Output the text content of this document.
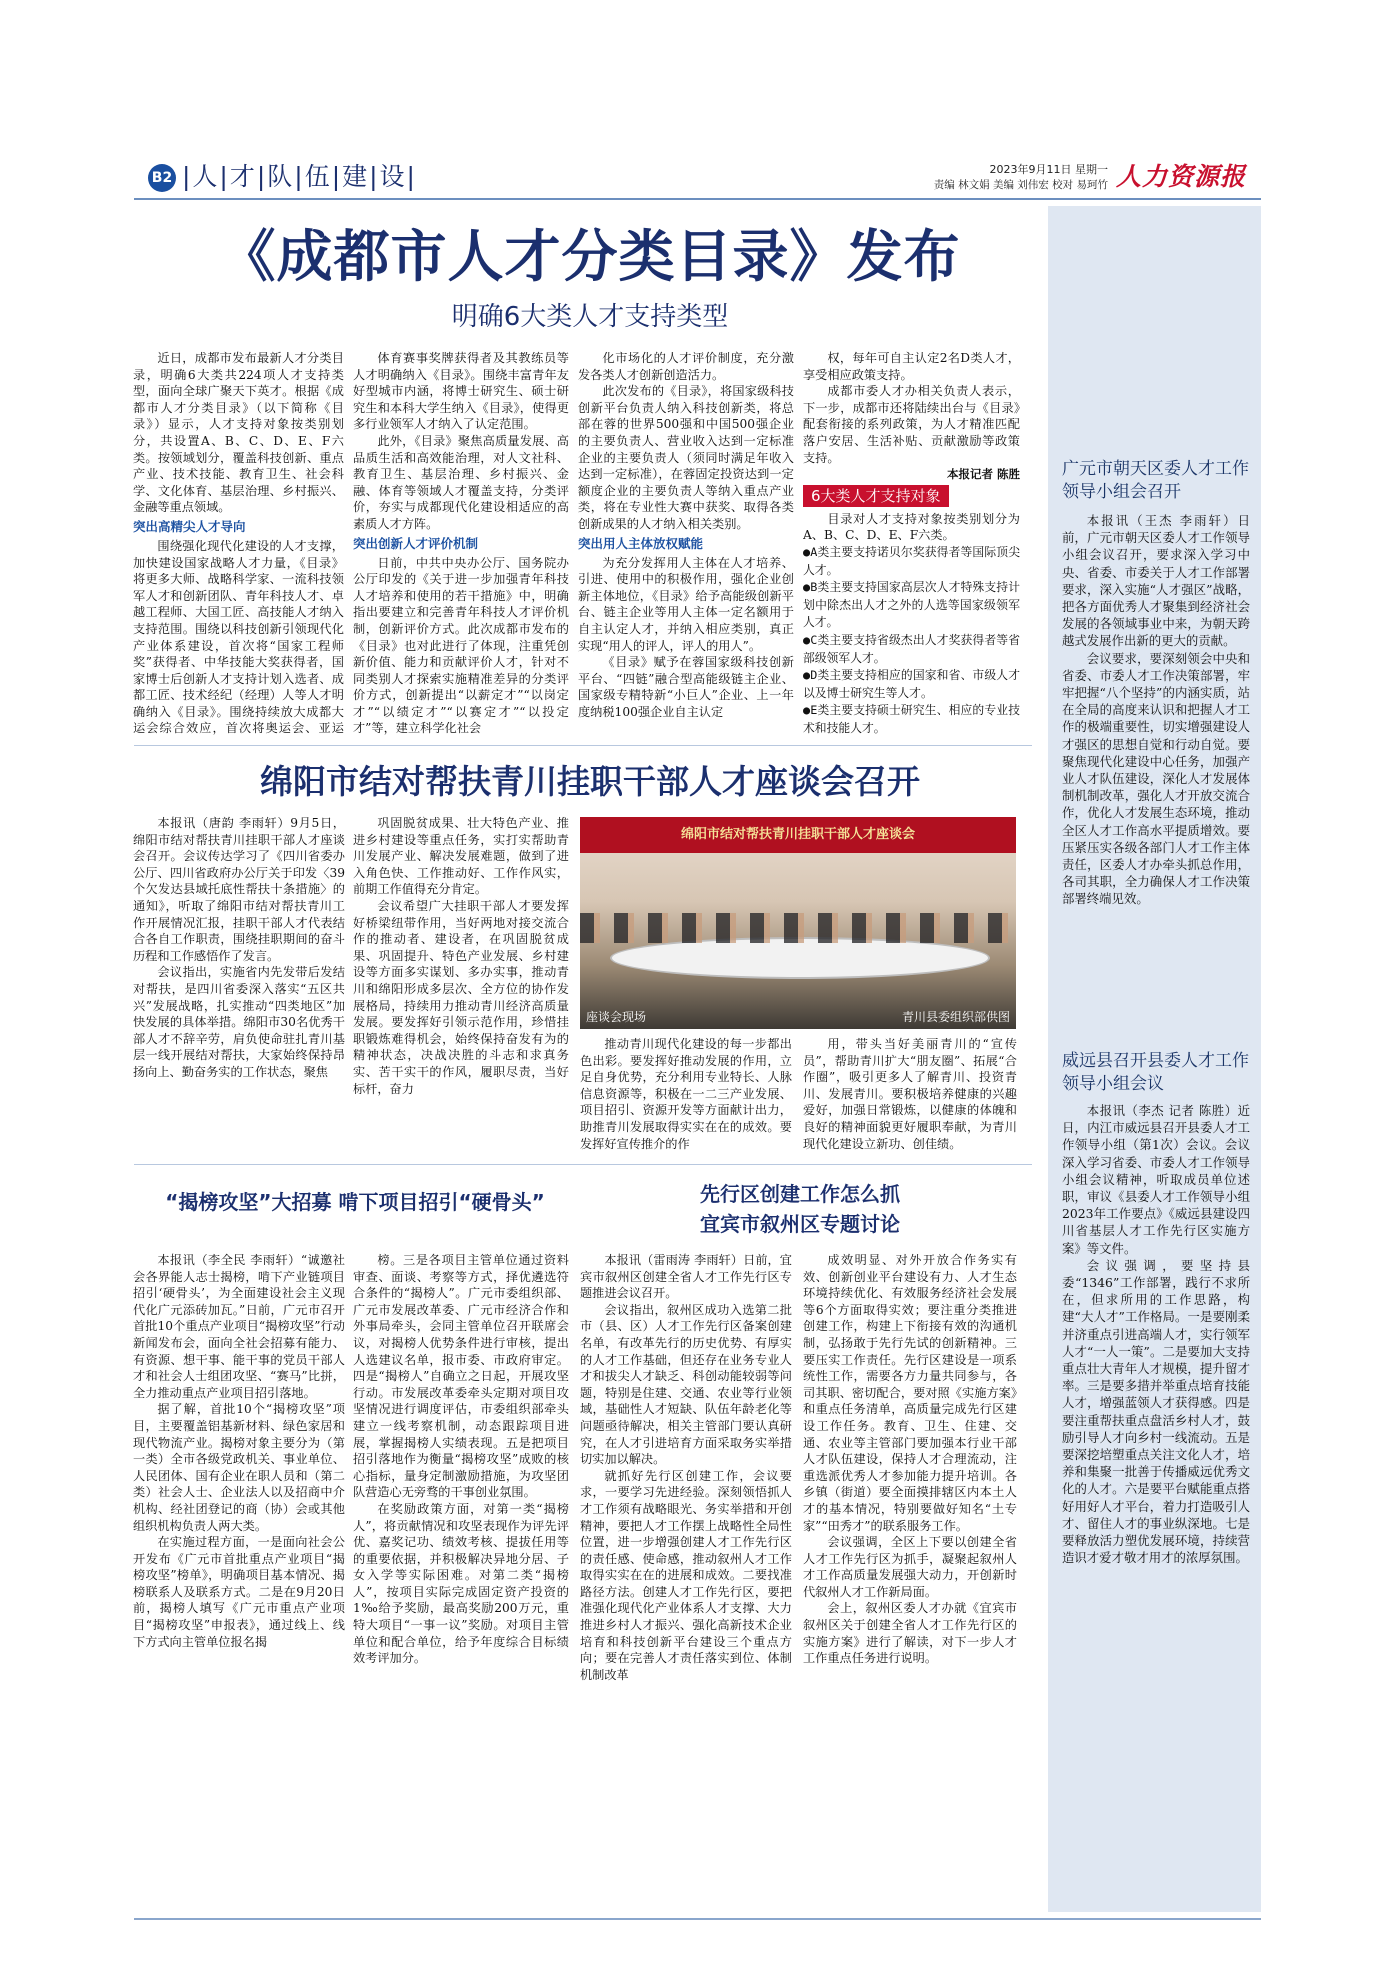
B2 |人|才|队|伍|建|设|	2023年9月11日 星期一
责编 林文娟 美编 刘伟宏 校对 易珂竹 人力资源报
《成都市人才分类目录》发布
明确6大类人才支持类型

近日，成都市发布最新人才分类目录，明确6大类共224项人才支持类型，面向全球广聚天下英才。根据《成都市人才分类目录》（以下简称《目录》）显示，人才支持对象按类别划分，共设置A、B、C、D、E、F六类。按领域划分，覆盖科技创新、重点产业、技术技能、教育卫生、社会科学、文化体育、基层治理、乡村振兴、金融等重点领域。

突出高精尖人才导向

围绕强化现代化建设的人才支撑，加快建设国家战略人才力量，《目录》将更多大师、战略科学家、一流科技领军人才和创新团队、青年科技人才、卓越工程师、大国工匠、高技能人才纳入支持范围。围绕以科技创新引领现代化产业体系建设，首次将“国家工程师奖”获得者、中华技能大奖获得者，国家博士后创新人才支持计划入选者、成都工匠、技术经纪（经理）人等人才明确纳入《目录》。围绕持续放大成都大运会综合效应，首次将奥运会、亚运

体育赛事奖牌获得者及其教练员等人才明确纳入《目录》。围绕丰富青年友好型城市内涵，将博士研究生、硕士研究生和本科大学生纳入《目录》，使得更多行业领军人才纳入了认定范围。

此外，《目录》聚焦高质量发展、高品质生活和高效能治理，对人文社科、教育卫生、基层治理、乡村振兴、金融、体育等领域人才覆盖支持，分类评价，夯实与成都现代化建设相适应的高素质人才方阵。

突出创新人才评价机制

日前，中共中央办公厅、国务院办公厅印发的《关于进一步加强青年科技人才培养和使用的若干措施》中，明确指出要建立和完善青年科技人才评价机制，创新评价方式。此次成都市发布的《目录》也对此进行了体现，注重凭创新价值、能力和贡献评价人才，针对不同类别人才探索实施精准差异的分类评价方式，创新提出“以薪定才”“以岗定才”“以绩定才”“以赛定才”“以投定才”等，建立科学化社会

化市场化的人才评价制度，充分激发各类人才创新创造活力。

此次发布的《目录》，将国家级科技创新平台负责人纳入科技创新类，将总部在蓉的世界500强和中国500强企业的主要负责人、营业收入达到一定标准企业的主要负责人（须同时满足年收入达到一定标准），在蓉固定投资达到一定额度企业的主要负责人等纳入重点产业类，将在专业性大赛中获奖、取得各类创新成果的人才纳入相关类别。

突出用人主体放权赋能

为充分发挥用人主体在人才培养、引进、使用中的积极作用，强化企业创新主体地位，《目录》给予高能级创新平台、链主企业等用人主体一定名额用于自主认定人才，并纳入相应类别，真正实现“用人的评人，评人的用人”。

《目录》赋予在蓉国家级科技创新平台、“四链”融合型高能级链主企业、国家级专精特新“小巨人”企业、上一年度纳税100强企业自主认定

权，每年可自主认定2名D类人才，享受相应政策支持。

成都市委人才办相关负责人表示，下一步，成都市还将陆续出台与《目录》配套衔接的系列政策，为人才精准匹配落户安居、生活补贴、贡献激励等政策支持。

本报记者 陈胜
6大类人才支持对象

目录对人才支持对象按类别划分为A、B、C、D、E、F六类。

●A类主要支持诺贝尔奖获得者等国际顶尖人才。
●B类主要支持国家高层次人才特殊支持计划中除杰出人才之外的人选等国家级领军人才。
●C类主要支持省级杰出人才奖获得者等省部级领军人才。
●D类主要支持相应的国家和省、市级人才以及博士研究生等人才。
●E类主要支持硕士研究生、相应的专业技术和技能人才。
绵阳市结对帮扶青川挂职干部人才座谈会召开

本报讯（唐韵 李雨轩）9月5日，绵阳市结对帮扶青川挂职干部人才座谈会召开。会议传达学习了《四川省委办公厅、四川省政府办公厅关于印发〈39个欠发达县域托底性帮扶十条措施〉的通知》，听取了绵阳市结对帮扶青川工作开展情况汇报，挂职干部人才代表结合各自工作职责，围绕挂职期间的奋斗历程和工作感悟作了发言。

会议指出，实施省内先发带后发结对帮扶，是四川省委深入落实“五区共兴”发展战略，扎实推动“四类地区”加快发展的具体举措。绵阳市30名优秀干部人才不辞辛劳，肩负使命驻扎青川基层一线开展结对帮扶，大家始终保持昂扬向上、勤奋务实的工作状态，聚焦

巩固脱贫成果、壮大特色产业、推进乡村建设等重点任务，实打实帮助青川发展产业、解决发展难题，做到了进入角色快、工作推动好、工作作风实，前期工作值得充分肯定。

会议希望广大挂职干部人才要发挥好桥梁纽带作用，当好两地对接交流合作的推动者、建设者，在巩固脱贫成果、巩固提升、特色产业发展、乡村建设等方面多实谋划、多办实事，推动青川和绵阳形成多层次、全方位的协作发展格局，持续用力推动青川经济高质量发展。要发挥好引领示范作用，珍惜挂职锻炼难得机会，始终保持奋发有为的精神状态，决战决胜的斗志和求真务实、苦干实干的作风，履职尽责，当好标杆，奋力

绵阳市结对帮扶青川挂职干部人才座谈会
座谈会现场	青川县委组织部供图

推动青川现代化建设的每一步都出色出彩。要发挥好推动发展的作用，立足自身优势，充分利用专业特长、人脉信息资源等，积极在一二三产业发展、项目招引、资源开发等方面献计出力，助推青川发展取得实实在在的成效。要发挥好宣传推介的作

用，带头当好美丽青川的“宣传员”，帮助青川扩大“朋友圈”、拓展“合作圈”，吸引更多人了解青川、投资青川、发展青川。要积极培养健康的兴趣爱好，加强日常锻炼，以健康的体魄和良好的精神面貌更好履职奉献，为青川现代化建设立新功、创佳绩。

“揭榜攻坚”大招募 啃下项目招引“硬骨头”

本报讯（李全民 李雨轩）“诚邀社会各界能人志士揭榜，啃下产业链项目招引‘硬骨头’，为全面建设社会主义现代化广元添砖加瓦。”日前，广元市召开首批10个重点产业项目“揭榜攻坚”行动新闻发布会，面向全社会招募有能力、有资源、想干事、能干事的党员干部人才和社会人士组团攻坚、“赛马”比拼，全力推动重点产业项目招引落地。

据了解，首批10个“揭榜攻坚”项目，主要覆盖铝基新材料、绿色家居和现代物流产业。揭榜对象主要分为（第一类）全市各级党政机关、事业单位、人民团体、国有企业在职人员和（第二类）社会人士、企业法人以及招商中介机构、经社团登记的商（协）会或其他组织机构负责人两大类。

在实施过程方面，一是面向社会公开发布《广元市首批重点产业项目“揭榜攻坚”榜单》，明确项目基本情况、揭榜联系人及联系方式。二是在9月20日前，揭榜人填写《广元市重点产业项目“揭榜攻坚”申报表》，通过线上、线下方式向主管单位报名揭

榜。三是各项目主管单位通过资料审查、面谈、考察等方式，择优遴选符合条件的“揭榜人”。广元市委组织部、广元市发展改革委、广元市经济合作和外事局牵头，会同主管单位召开联席会议，对揭榜人优势条件进行审核，提出人选建议名单，报市委、市政府审定。四是“揭榜人”自确立之日起，开展攻坚行动。市发展改革委牵头定期对项目攻坚情况进行调度评估，市委组织部牵头建立一线考察机制，动态跟踪项目进展，掌握揭榜人实绩表现。五是把项目招引落地作为衡量“揭榜攻坚”成败的核心指标，量身定制激励措施，为攻坚团队营造心无旁骛的干事创业氛围。

在奖励政策方面，对第一类“揭榜人”，将贡献情况和攻坚表现作为评先评优、嘉奖记功、绩效考核、提拔任用等的重要依据，并积极解决异地分居、子女入学等实际困难。对第二类“揭榜人”，按项目实际完成固定资产投资的1‰给予奖励，最高奖励200万元，重特大项目“一事一议”奖励。对项目主管单位和配合单位，给予年度综合目标绩效考评加分。

先行区创建工作怎么抓
宜宾市叙州区专题讨论

本报讯（雷雨涛 李雨轩）日前，宜宾市叙州区创建全省人才工作先行区专题推进会议召开。

会议指出，叙州区成功入选第二批市（县、区）人才工作先行区备案创建名单，有改革先行的历史优势、有厚实的人才工作基础，但还存在业务专业人才和拔尖人才缺乏、科创动能较弱等问题，特别是住建、交通、农业等行业领域，基础性人才短缺、队伍年龄老化等问题亟待解决，相关主管部门要认真研究，在人才引进培育方面采取务实举措切实加以解决。

就抓好先行区创建工作，会议要求，一要学习先进经验。深刻领悟抓人才工作须有战略眼光、务实举措和开创精神，要把人才工作摆上战略性全局性位置，进一步增强创建人才工作先行区的责任感、使命感，推动叙州人才工作取得实实在在的进展和成效。二要找准路径方法。创建人才工作先行区，要把准强化现代化产业体系人才支撑、大力推进乡村人才振兴、强化高新技术企业培育和科技创新平台建设三个重点方向；要在完善人才责任落实到位、体制机制改革

成效明显、对外开放合作务实有效、创新创业平台建设有力、人才生态环境持续优化、有效服务经济社会发展等6个方面取得实效；要注重分类推进创建工作，构建上下衔接有效的沟通机制，弘扬敢于先行先试的创新精神。三要压实工作责任。先行区建设是一项系统性工作，需要各方力量共同参与，各司其职、密切配合，要对照《实施方案》和重点任务清单，高质量完成先行区建设工作任务。教育、卫生、住建、交通、农业等主管部门要加强本行业干部人才队伍建设，保持人才合理流动，注重选派优秀人才参加能力提升培训。各乡镇（街道）要全面摸排辖区内本土人才的基本情况，特别要做好知名“土专家”“田秀才”的联系服务工作。

会议强调，全区上下要以创建全省人才工作先行区为抓手，凝聚起叙州人才工作高质量发展强大动力，开创新时代叙州人才工作新局面。

会上，叙州区委人才办就《宜宾市叙州区关于创建全省人才工作先行区的实施方案》进行了解读，对下一步人才工作重点任务进行说明。

广元市朝天区委人才工作领导小组会召开

本报讯（王杰 李雨轩）日前，广元市朝天区委人才工作领导小组会议召开，要求深入学习中央、省委、市委关于人才工作部署要求，深入实施“人才强区”战略，把各方面优秀人才聚集到经济社会发展的各领域事业中来，为朝天跨越式发展作出新的更大的贡献。

会议要求，要深刻领会中央和省委、市委人才工作决策部署，牢牢把握“八个坚持”的内涵实质，站在全局的高度来认识和把握人才工作的极端重要性，切实增强建设人才强区的思想自觉和行动自觉。要聚焦现代化建设中心任务，加强产业人才队伍建设，深化人才发展体制机制改革，强化人才开放交流合作，优化人才发展生态环境，推动全区人才工作高水平提质增效。要压紧压实各级各部门人才工作主体责任，区委人才办牵头抓总作用，各司其职，全力确保人才工作决策部署终端见效。

威远县召开县委人才工作领导小组会议

本报讯（李杰 记者 陈胜）近日，内江市威远县召开县委人才工作领导小组（第1次）会议。会议深入学习省委、市委人才工作领导小组会议精神，听取成员单位述职，审议《县委人才工作领导小组2023年工作要点》《威远县建设四川省基层人才工作先行区实施方案》等文件。

会议强调，要坚持县委“1346”工作部署，践行不求所在，但求所用的工作思路，构建“大人才”工作格局。一是要刚柔并济重点引进高端人才，实行领军人才“一人一策”。二是要加大支持重点壮大青年人才规模，提升留才率。三是要多措并举重点培育技能人才，增强蓝领人才获得感。四是要注重帮扶重点盘活乡村人才，鼓励引导人才向乡村一线流动。五是要深挖培塑重点关注文化人才，培养和集聚一批善于传播威远优秀文化的人才。六是要平台赋能重点搭好用好人才平台，着力打造吸引人才、留住人才的事业纵深地。七是要释放活力塑优发展环境，持续营造识才爱才敬才用才的浓厚氛围。
